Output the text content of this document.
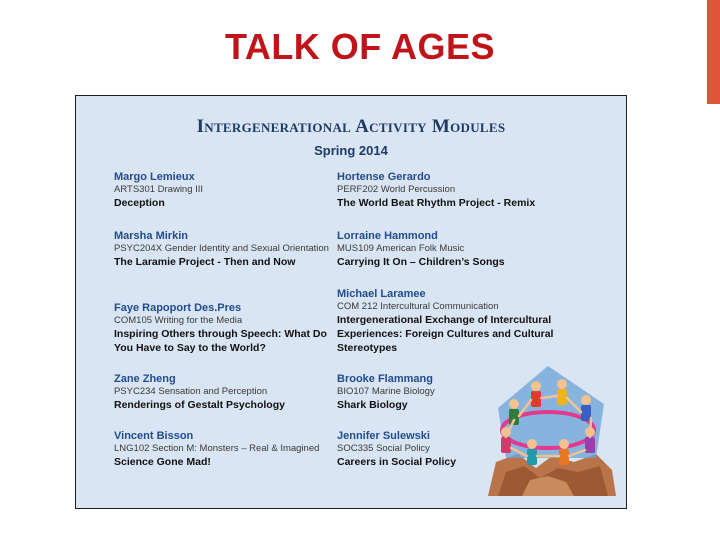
TALK OF AGES
Intergenerational Activity Modules
Spring 2014
Margo Lemieux
ARTS301 Drawing III
Deception
Marsha Mirkin
PSYC204X Gender Identity and Sexual Orientation
The Laramie Project - Then and Now
Faye Rapoport Des.Pres
COM105 Writing for the Media
Inspiring Others through Speech: What Do You Have to Say to the World?
Zane Zheng
PSYC234 Sensation and Perception
Renderings of Gestalt Psychology
Vincent Bisson
LNG102 Section M: Monsters – Real & Imagined
Science Gone Mad!
Hortense Gerardo
PERF202 World Percussion
The World Beat Rhythm Project - Remix
Lorraine Hammond
MUS109 American Folk Music
Carrying It On – Children’s Songs
Michael Laramee
COM 212 Intercultural Communication
Intergenerational Exchange of Intercultural Experiences: Foreign Cultures and Cultural Stereotypes
Brooke Flammang
BIO107 Marine Biology
Shark Biology
Jennifer Sulewski
SOC335 Social Policy
Careers in Social Policy
